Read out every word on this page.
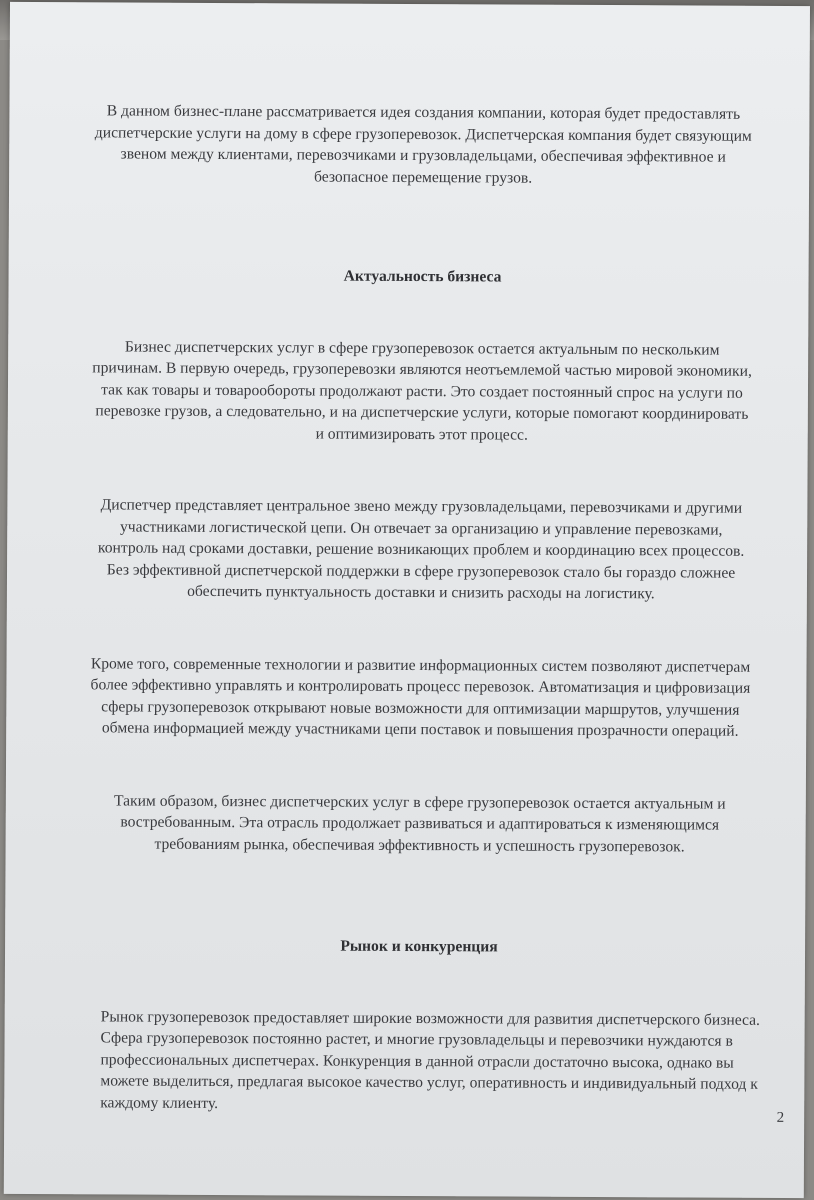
В данном бизнес-плане рассматривается идея создания компании, которая будет предоставлять диспетчерские услуги на дому в сфере грузоперевозок. Диспетчерская компания будет связующим звеном между клиентами, перевозчиками и грузовладельцами, обеспечивая эффективное и безопасное перемещение грузов.

Актуальность бизнеса

Бизнес диспетчерских услуг в сфере грузоперевозок остается актуальным по нескольким причинам. В первую очередь, грузоперевозки являются неотъемлемой частью мировой экономики, так как товары и товарообороты продолжают расти. Это создает постоянный спрос на услуги по перевозке грузов, а следовательно, и на диспетчерские услуги, которые помогают координировать и оптимизировать этот процесс.

Диспетчер представляет центральное звено между грузовладельцами, перевозчиками и другими участниками логистической цепи. Он отвечает за организацию и управление перевозками, контроль над сроками доставки, решение возникающих проблем и координацию всех процессов. Без эффективной диспетчерской поддержки в сфере грузоперевозок стало бы гораздо сложнее обеспечить пунктуальность доставки и снизить расходы на логистику.

Кроме того, современные технологии и развитие информационных систем позволяют диспетчерам более эффективно управлять и контролировать процесс перевозок. Автоматизация и цифровизация сферы грузоперевозок открывают новые возможности для оптимизации маршрутов, улучшения обмена информацией между участниками цепи поставок и повышения прозрачности операций.

Таким образом, бизнес диспетчерских услуг в сфере грузоперевозок остается актуальным и востребованным. Эта отрасль продолжает развиваться и адаптироваться к изменяющимся требованиям рынка, обеспечивая эффективность и успешность грузоперевозок.

Рынок и конкуренция

Рынок грузоперевозок предоставляет широкие возможности для развития диспетчерского бизнеса. Сфера грузоперевозок постоянно растет, и многие грузовладельцы и перевозчики нуждаются в профессиональных диспетчерах. Конкуренция в данной отрасли достаточно высока, однако вы можете выделиться, предлагая высокое качество услуг, оперативность и индивидуальный подход к каждому клиенту.

2
